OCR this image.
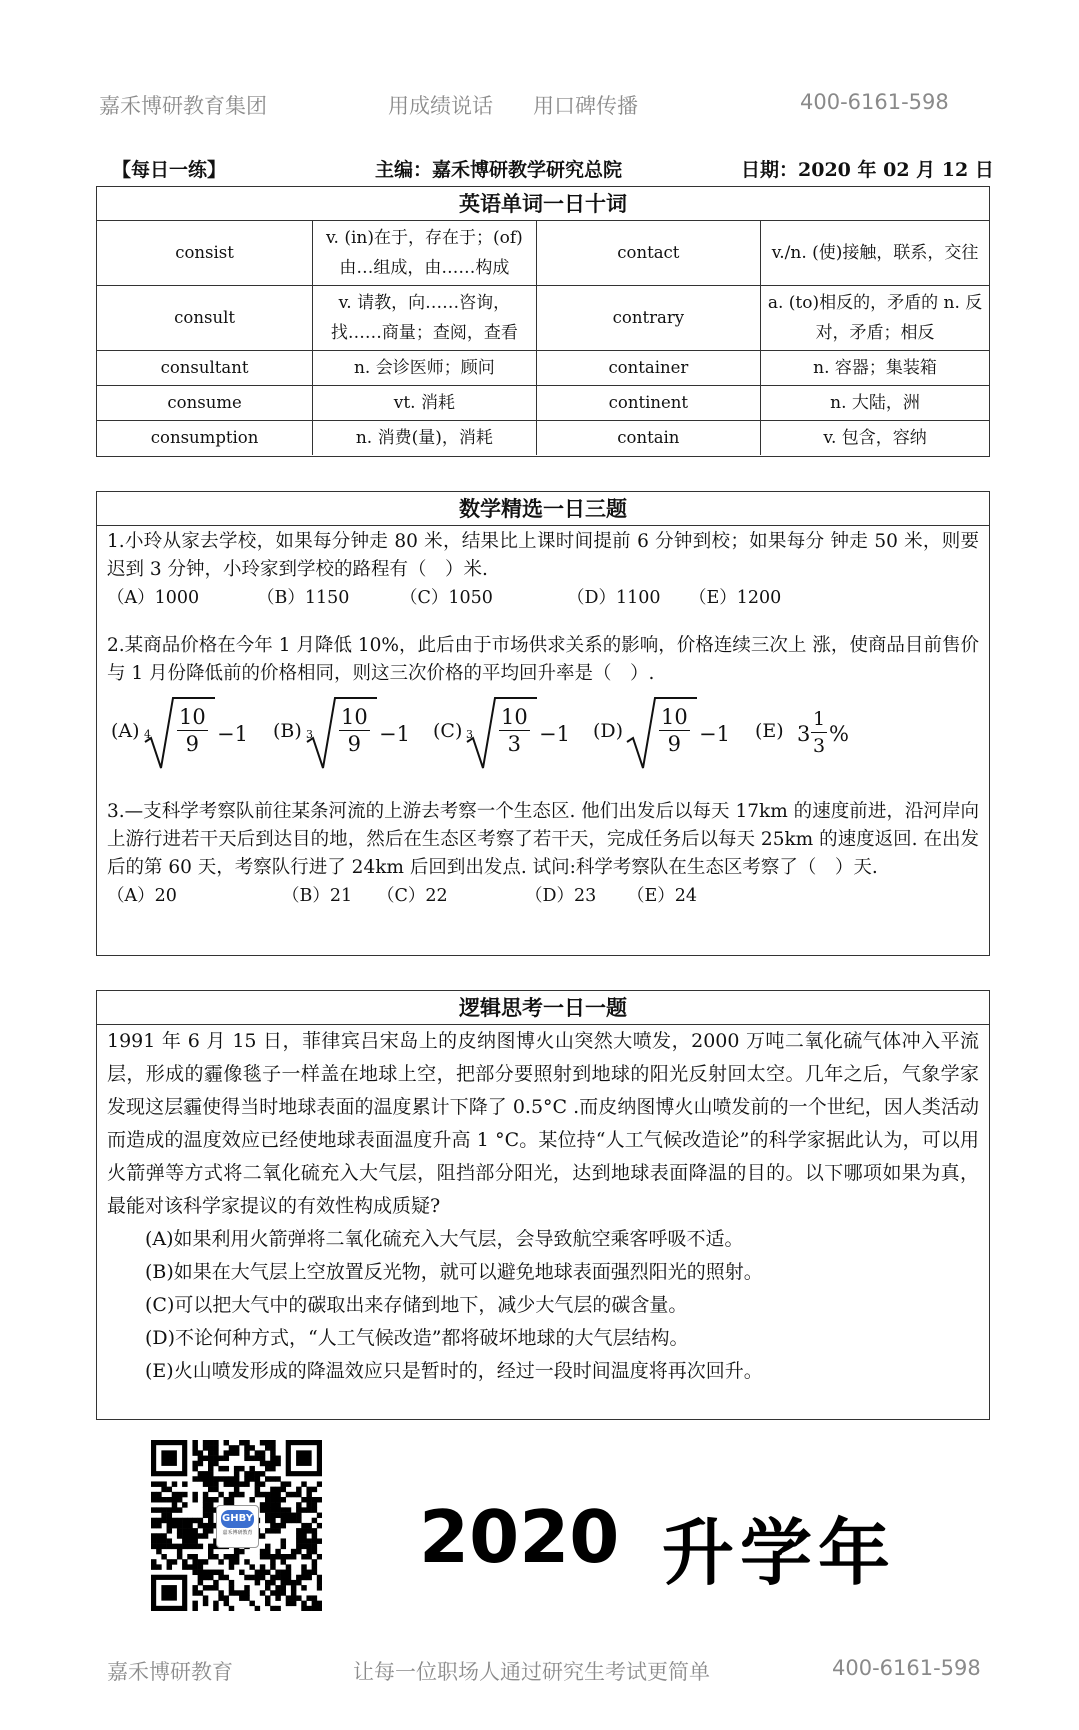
嘉禾博研教育集团	用成绩说话 用口碑传播	400-6161-598
【每日一练】	主编：嘉禾博研教学研究总院	日期：2020 年 02 月 12 日
英语单词一日十词
consist	v. (in)在于，存在于；(of)由…组成，由……构成	contact	v./n. (使)接触，联系，交往
consult	v. 请教，向……咨询，找……商量；查阅，查看	contrary	a. (to)相反的，矛盾的 n. 反对，矛盾；相反
consultant	n. 会诊医师；顾问	container	n. 容器；集装箱
consume	vt. 消耗	continent	n. 大陆，洲
consumption	n. 消费(量)，消耗	contain	v. 包含，容纳
数学精选一日三题
1.小玲从家去学校，如果每分钟走 80 米，结果比上课时间提前 6 分钟到校；如果每分 钟走 50 米，则要迟到 3 分钟，小玲家到学校的路程有（　）米.
（A）1000	（B）1150	（C）1050	（D）1100 （E）1200
2.某商品价格在今年 1 月降低 10%，此后由于市场供求关系的影响，价格连续三次上 涨，使商品目前售价与 1 月份降低前的价格相同，则这三次价格的平均回升率是（　）.
(A) $4 \frac{10}{9} -1$ (B) $3 \frac{10}{9} -1$ (C) $3 \frac{10}{3} -1$ $(D) \frac{10}{9} -1$ (E) $3 \frac{1}{3}$ %
3.—支科学考察队前往某条河流的上游去考察一个生态区. 他们出发后以每天 17km 的速度前进，沿河岸向上游行进若干天后到达目的地，然后在生态区考察了若干天，完成任务后以每天 25km 的速度返回. 在出发后的第 60 天，考察队行进了 24km 后回到出发点. 试问:科学考察队在生态区考察了（　）天.
（A）20	（B）21 （C）22	（D）23 （E）24
逻辑思考一日一题

1991 年 6 月 15 日，菲律宾吕宋岛上的皮纳图博火山突然大喷发，2000 万吨二氧化硫气体冲入平流层，形成的霾像毯子一样盖在地球上空，把部分要照射到地球的阳光反射回太空。几年之后，气象学家发现这层霾使得当时地球表面的温度累计下降了 0.5°C .而皮纳图博火山喷发前的一个世纪，因人类活动而造成的温度效应已经使地球表面温度升高 1 °C。某位持“人工气候改造论”的科学家据此认为，可以用火箭弹等方式将二氧化硫充入大气层，阻挡部分阳光，达到地球表面降温的目的。以下哪项如果为真，最能对该科学家提议的有效性构成质疑?

(A)如果利用火箭弹将二氧化硫充入大气层，会导致航空乘客呼吸不适。

(B)如果在大气层上空放置反光物，就可以避免地球表面强烈阳光的照射。

(C)可以把大气中的碳取出来存储到地下，减少大气层的碳含量。

(D)不论何种方式，“人工气候改造”都将破坏地球的大气层结构。

(E)火山喷发形成的降温效应只是暂时的，经过一段时间温度将再次回升。

GHBY
嘉禾博研教育 2020 升学年
嘉禾博研教育	让每一位职场人通过研究生考试更简单	400-6161-598
